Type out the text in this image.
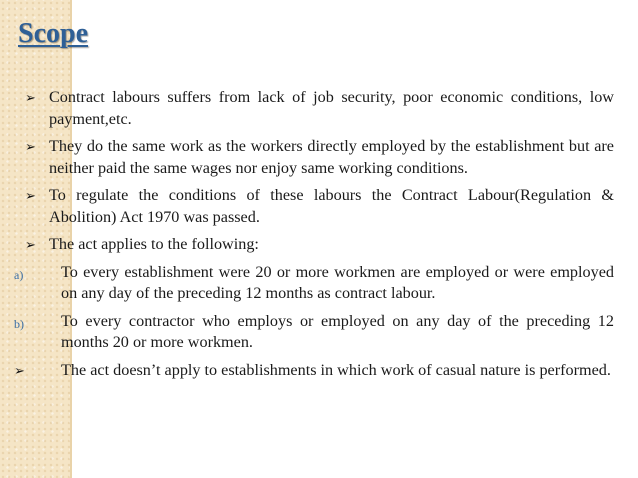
Scope
➢ Contract labours suffers from lack of job security, poor economic conditions, low payment,etc.
➢ They do the same work as the workers directly employed by the establishment but are neither paid the same wages nor enjoy same working conditions.
➢ To regulate the conditions of these labours the Contract Labour(Regulation & Abolition) Act 1970 was passed.
➢ The act applies to the following:
a) To every establishment were 20 or more workmen are employed or were employed on any day of the preceding 12 months as contract labour.
b) To every contractor who employs or employed on any day of the preceding 12 months 20 or more workmen.
➢ The act doesn’t apply to establishments in which work of casual nature is performed.
